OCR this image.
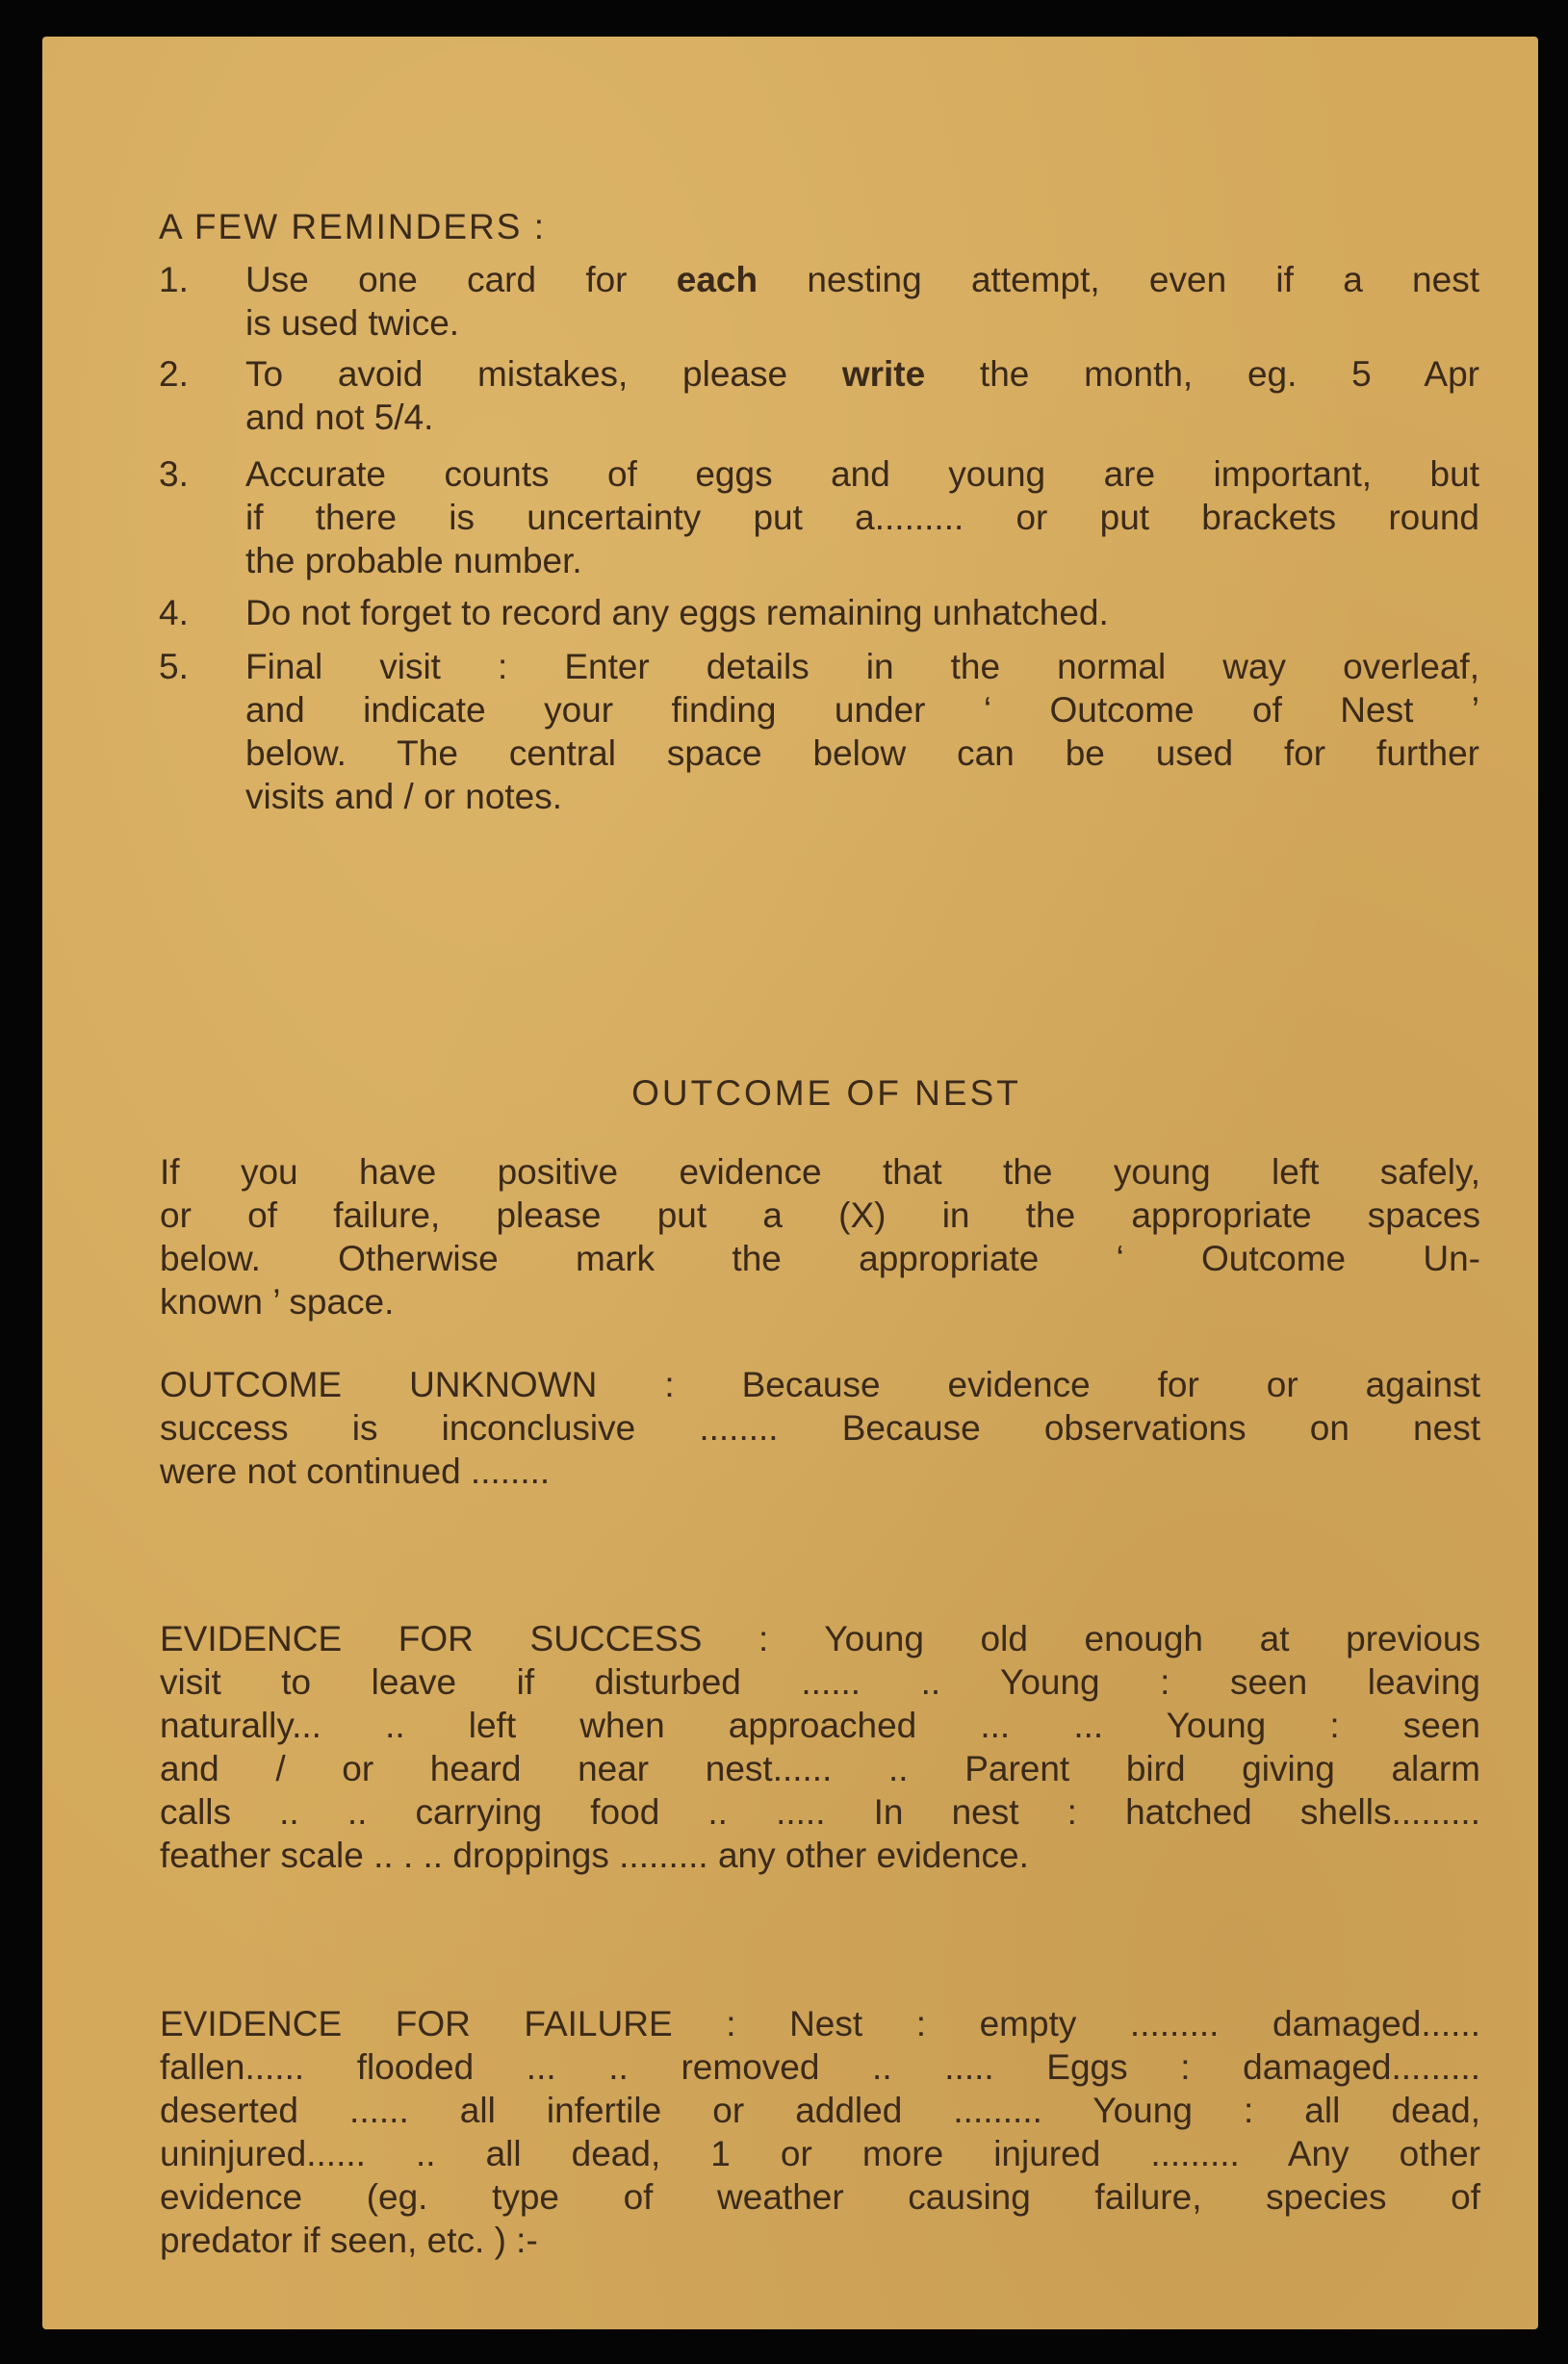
A FEW REMINDERS :
1. Use one card for each nesting attempt, even if a nest
is used twice.
2. To avoid mistakes, please write the month, eg. 5 Apr
and not 5/4.
3. Accurate counts of eggs and young are important, but
if there is uncertainty put a......... or put brackets round
the probable number.
4. Do not forget to record any eggs remaining unhatched.
5. Final visit : Enter details in the normal way overleaf,
and indicate your finding under ‘ Outcome of Nest ’
below. The central space below can be used for further
visits and / or notes.
OUTCOME OF NEST
If you have positive evidence that the young left safely,
or of failure, please put a (X) in the appropriate spaces
below. Otherwise mark the appropriate ‘ Outcome Un-
known ’ space.
OUTCOME UNKNOWN : Because evidence for or against
success is inconclusive ........ Because observations on nest
were not continued ........
EVIDENCE FOR SUCCESS : Young old enough at previous
visit to leave if disturbed ...... .. Young : seen leaving
naturally... .. left when approached ... ... Young : seen
and / or heard near nest...... .. Parent bird giving alarm
calls .. .. carrying food .. ..... In nest : hatched shells.........
feather scale .. . .. droppings ......... any other evidence.
EVIDENCE FOR FAILURE : Nest : empty ......... damaged......
fallen...... flooded ... .. removed .. ..... Eggs : damaged.........
deserted ...... all infertile or addled ......... Young : all dead,
uninjured...... .. all dead, 1 or more injured ......... Any other
evidence (eg. type of weather causing failure, species of
predator if seen, etc. ) :-
